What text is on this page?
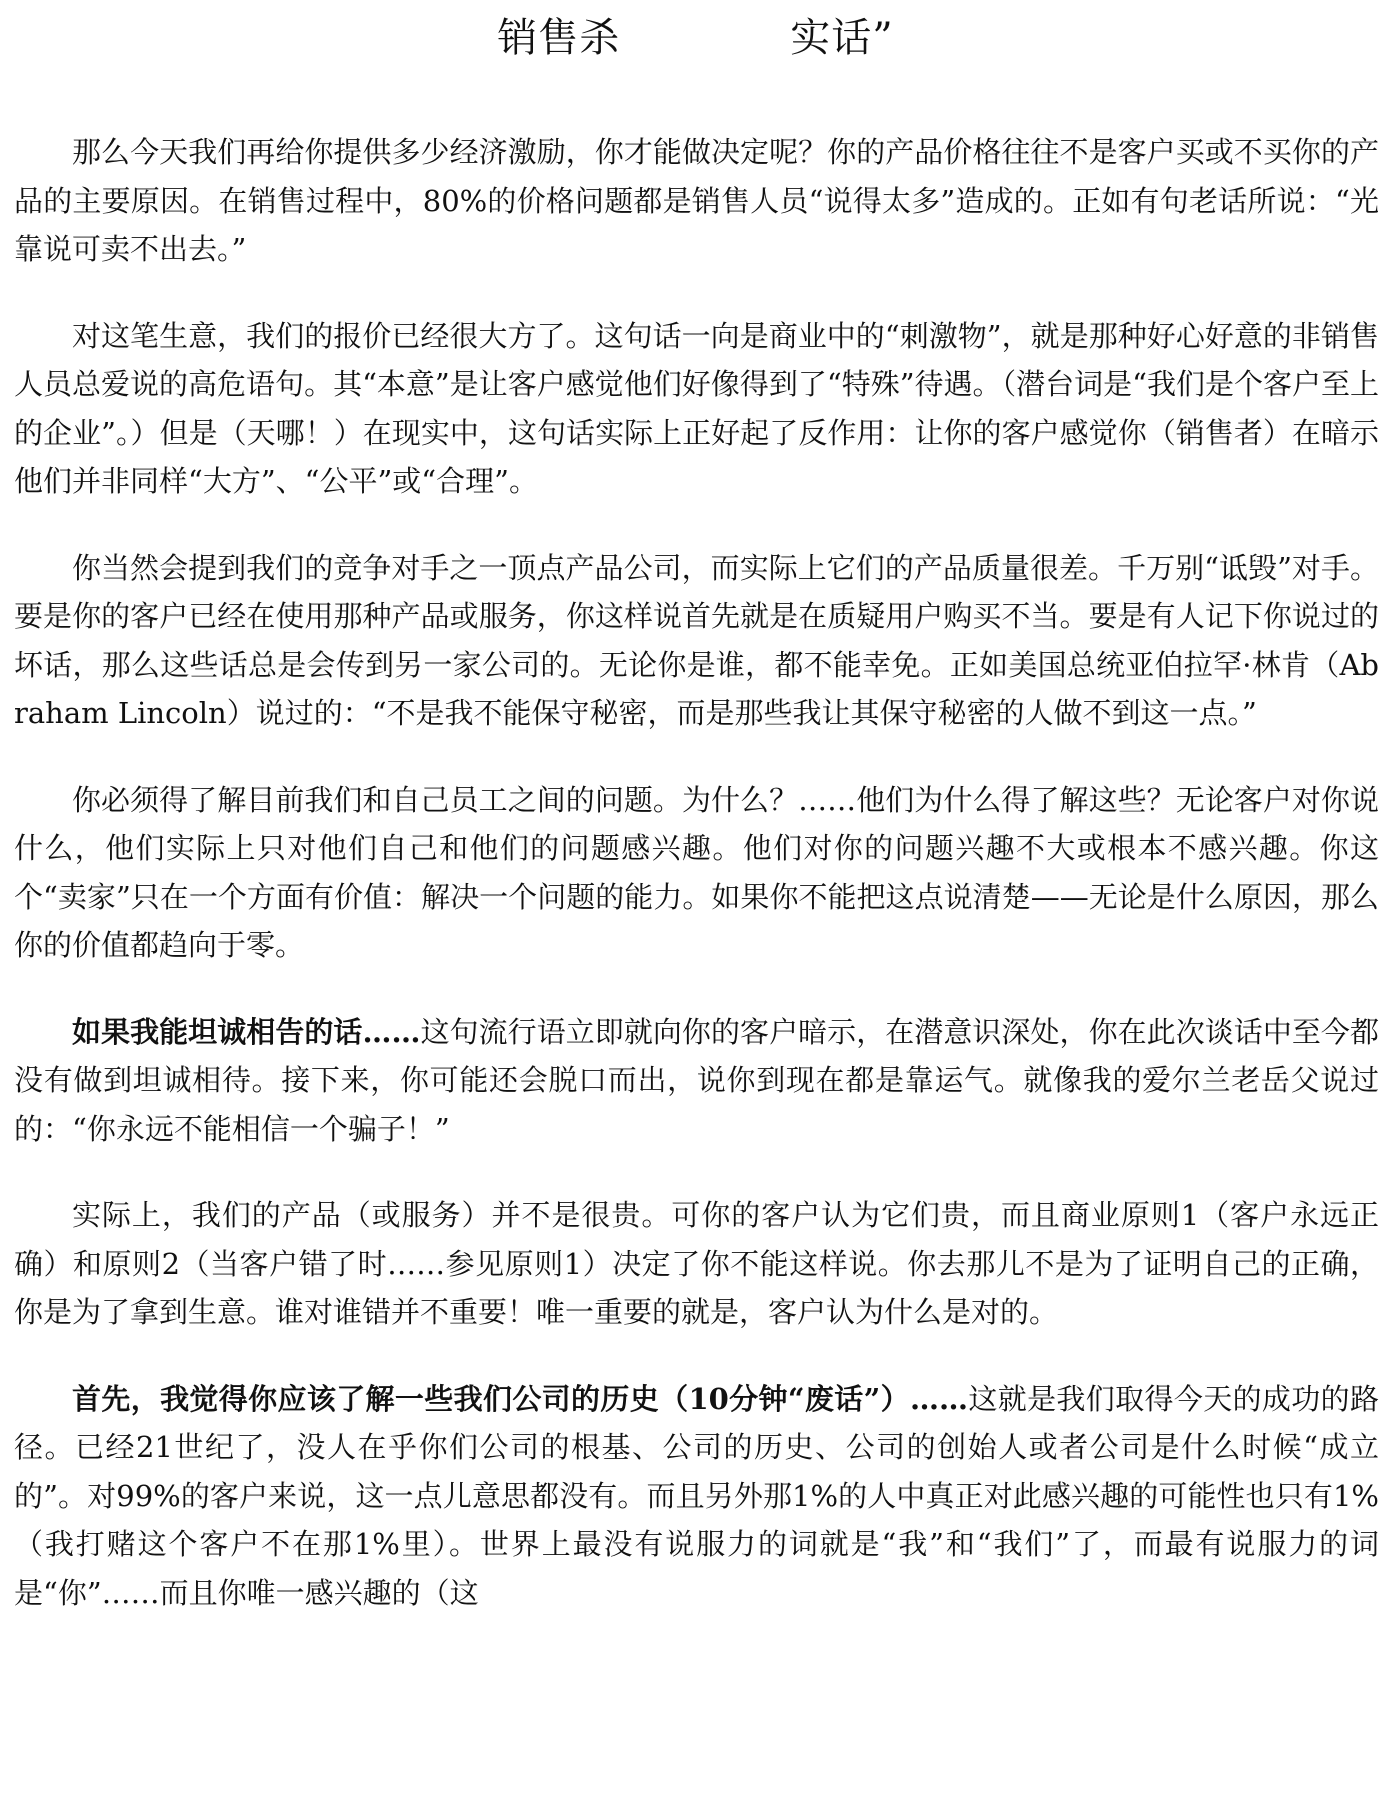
销售杀	实话”

那么今天我们再给你提供多少经济激励，你才能做决定呢？你的产品价格往往不是客户买或不买你的产品的主要原因。在销售过程中，80%的价格问题都是销售人员“说得太多”造成的。正如有句老话所说：“光靠说可卖不出去。”

对这笔生意，我们的报价已经很大方了。这句话一向是商业中的“刺激物”，就是那种好心好意的非销售人员总爱说的高危语句。其“本意”是让客户感觉他们好像得到了“特殊”待遇。（潜台词是“我们是个客户至上的企业”。）但是（天哪！）在现实中，这句话实际上正好起了反作用：让你的客户感觉你（销售者）在暗示他们并非同样“大方”、“公平”或“合理”。

你当然会提到我们的竞争对手之一顶点产品公司，而实际上它们的产品质量很差。千万别“诋毁”对手。要是你的客户已经在使用那种产品或服务，你这样说首先就是在质疑用户购买不当。要是有人记下你说过的坏话，那么这些话总是会传到另一家公司的。无论你是谁，都不能幸免。正如美国总统亚伯拉罕·林肯（Abraham Lincoln）说过的：“不是我不能保守秘密，而是那些我让其保守秘密的人做不到这一点。”

你必须得了解目前我们和自己员工之间的问题。为什么？……他们为什么得了解这些？无论客户对你说什么，他们实际上只对他们自己和他们的问题感兴趣。他们对你的问题兴趣不大或根本不感兴趣。你这个“卖家”只在一个方面有价值：解决一个问题的能力。如果你不能把这点说清楚——无论是什么原因，那么你的价值都趋向于零。

如果我能坦诚相告的话……这句流行语立即就向你的客户暗示，在潜意识深处，你在此次谈话中至今都没有做到坦诚相待。接下来，你可能还会脱口而出，说你到现在都是靠运气。就像我的爱尔兰老岳父说过的：“你永远不能相信一个骗子！”

实际上，我们的产品（或服务）并不是很贵。可你的客户认为它们贵，而且商业原则1（客户永远正确）和原则2（当客户错了时……参见原则1）决定了你不能这样说。你去那儿不是为了证明自己的正确，你是为了拿到生意。谁对谁错并不重要！唯一重要的就是，客户认为什么是对的。

首先，我觉得你应该了解一些我们公司的历史（10分钟“废话”）……这就是我们取得今天的成功的路径。已经21世纪了，没人在乎你们公司的根基、公司的历史、公司的创始人或者公司是什么时候“成立的”。对99%的客户来说，这一点儿意思都没有。而且另外那1%的人中真正对此感兴趣的可能性也只有1%（我打赌这个客户不在那1%里）。世界上最没有说服力的词就是“我”和“我们”了，而最有说服力的词是“你”……而且你唯一感兴趣的（这
